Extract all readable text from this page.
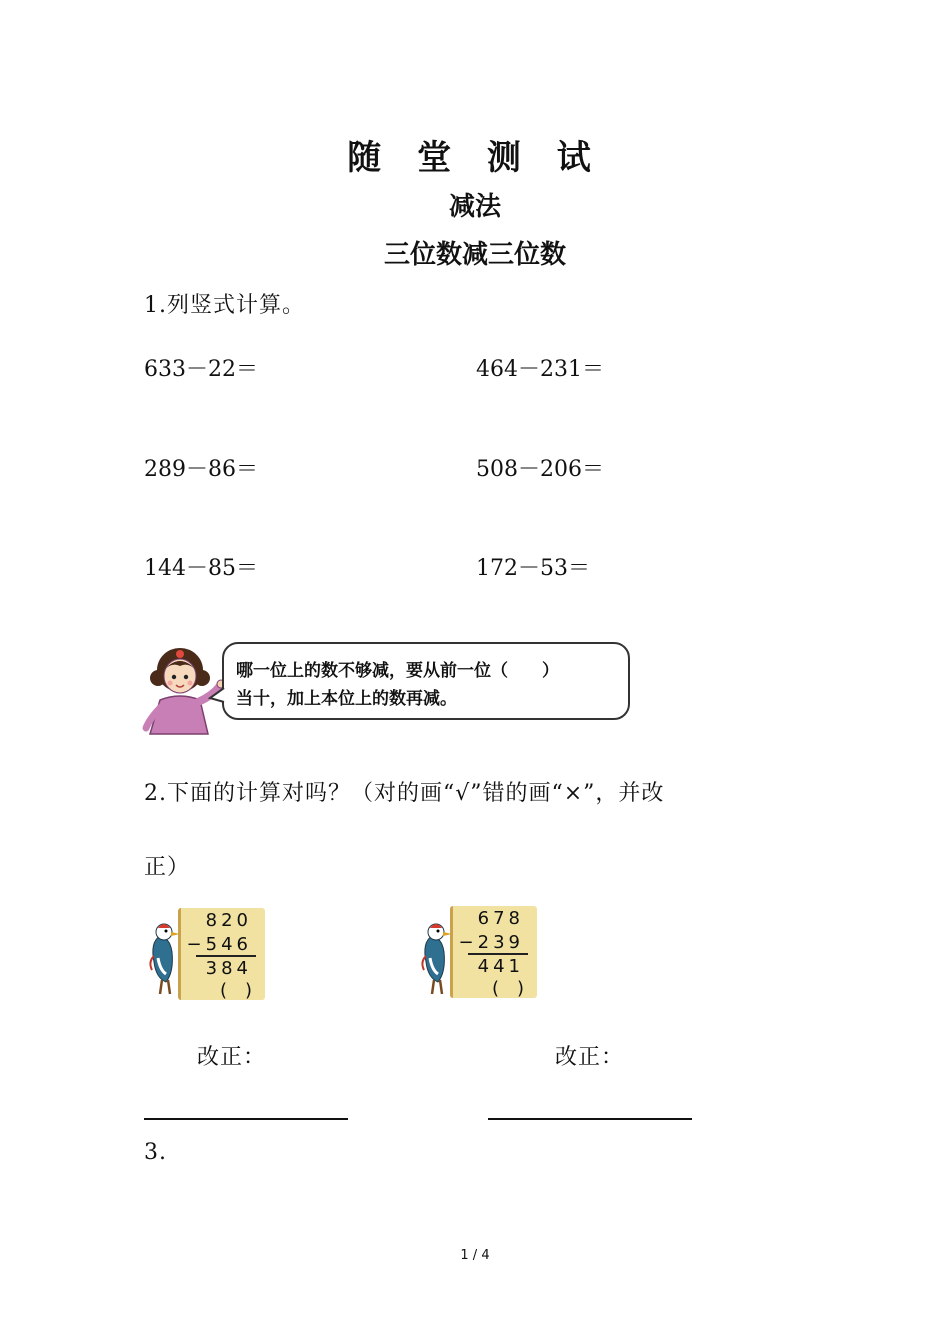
随 堂 测 试
减法
三位数减三位数
1.列竖式计算。
633－22＝	464－231＝
289－86＝	508－206＝
144－85＝	172－53＝
哪一位上的数不够减，要从前一位（　　）
当十，加上本位上的数再减。
2.下面的计算对吗？（对的画“√”错的画“×”，并改
正）
820
−546
384
(　)
678
−239
441
(　)
改正：	改正：
3.
1 / 4
